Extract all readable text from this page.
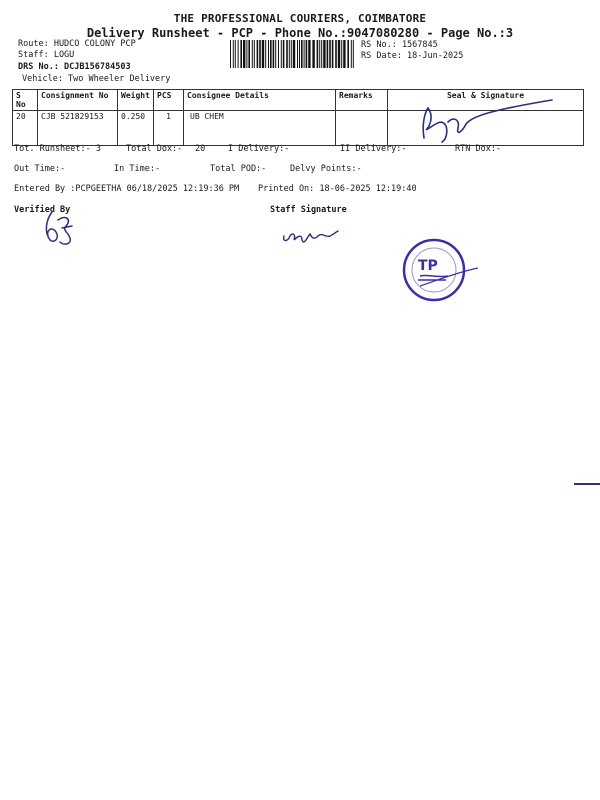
THE PROFESSIONAL COURIERS, COIMBATORE
Delivery Runsheet - PCP - Phone No.:9047080280 - Page No.:3
Route: HUDCO COLONY PCP
Staff: LOGU
DRS No.: DCJB156784503
Vehicle: Two Wheeler Delivery
RS No.: 1567845
RS Date: 18-Jun-2025
S No	Consignment No	Weight	PCS	Consignee Details	Remarks	Seal & Signature
20	CJB 521829153	0.250	1	UB CHEM		
Tot. Runsheet:- 3	Total Dox:- 20	I Delivery:-	II Delivery:-	RTN Dox:-
Out Time:-	In Time:-	Total POD:-	Delvy Points:-
Entered By :PCPGEETHA 06/18/2025 12:19:36 PM Printed On: 18-06-2025 12:19:40
Verified By	Staff Signature
TP
